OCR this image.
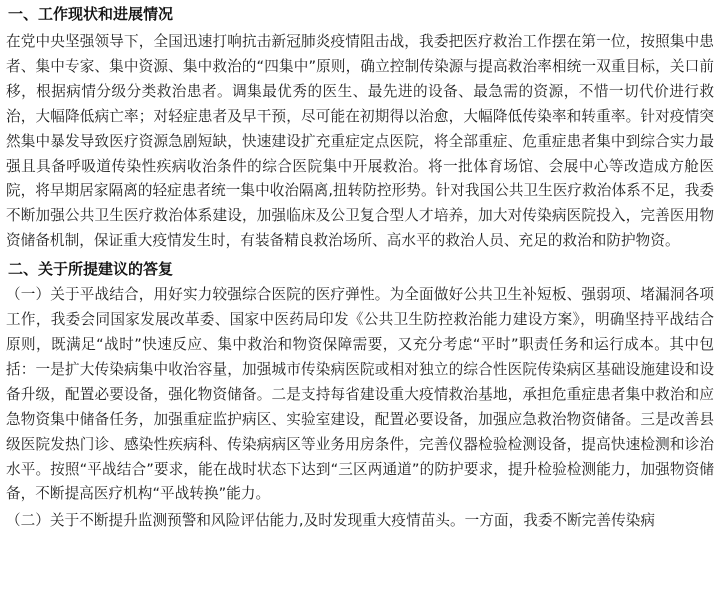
一、工作现状和进展情况

在党中央坚强领导下，全国迅速打响抗击新冠肺炎疫情阻击战，我委把医疗救治工作摆在第一位，按照集中患者、集中专家、集中资源、集中救治的“四集中”原则，确立控制传染源与提高救治率相统一双重目标，关口前移，根据病情分级分类救治患者。调集最优秀的医生、最先进的设备、最急需的资源，不惜一切代价进行救治，大幅降低病亡率；对轻症患者及早干预，尽可能在初期得以治愈，大幅降低传染率和转重率。针对疫情突然集中暴发导致医疗资源急剧短缺，快速建设扩充重症定点医院，将全部重症、危重症患者集中到综合实力最强且具备呼吸道传染性疾病收治条件的综合医院集中开展救治。将一批体育场馆、会展中心等改造成方舱医院，将早期居家隔离的轻症患者统一集中收治隔离,扭转防控形势。针对我国公共卫生医疗救治体系不足，我委不断加强公共卫生医疗救治体系建设，加强临床及公卫复合型人才培养，加大对传染病医院投入，完善医用物资储备机制，保证重大疫情发生时，有装备精良救治场所、高水平的救治人员、充足的救治和防护物资。

二、关于所提建议的答复

（一）关于平战结合，用好实力较强综合医院的医疗弹性。为全面做好公共卫生补短板、强弱项、堵漏洞各项工作，我委会同国家发展改革委、国家中医药局印发《公共卫生防控救治能力建设方案》，明确坚持平战结合原则，既满足“战时”快速反应、集中救治和物资保障需要，又充分考虑“平时”职责任务和运行成本。其中包括：一是扩大传染病集中收治容量，加强城市传染病医院或相对独立的综合性医院传染病区基础设施建设和设备升级，配置必要设备，强化物资储备。二是支持每省建设重大疫情救治基地，承担危重症患者集中救治和应急物资集中储备任务，加强重症监护病区、实验室建设，配置必要设备，加强应急救治物资储备。三是改善县级医院发热门诊、感染性疾病科、传染病病区等业务用房条件，完善仪器检验检测设备，提高快速检测和诊治水平。按照“平战结合”要求，能在战时状态下达到“三区两通道”的防护要求，提升检验检测能力，加强物资储备，不断提高医疗机构“平战转换”能力。

（二）关于不断提升监测预警和风险评估能力,及时发现重大疫情苗头。一方面，我委不断完善传染病
